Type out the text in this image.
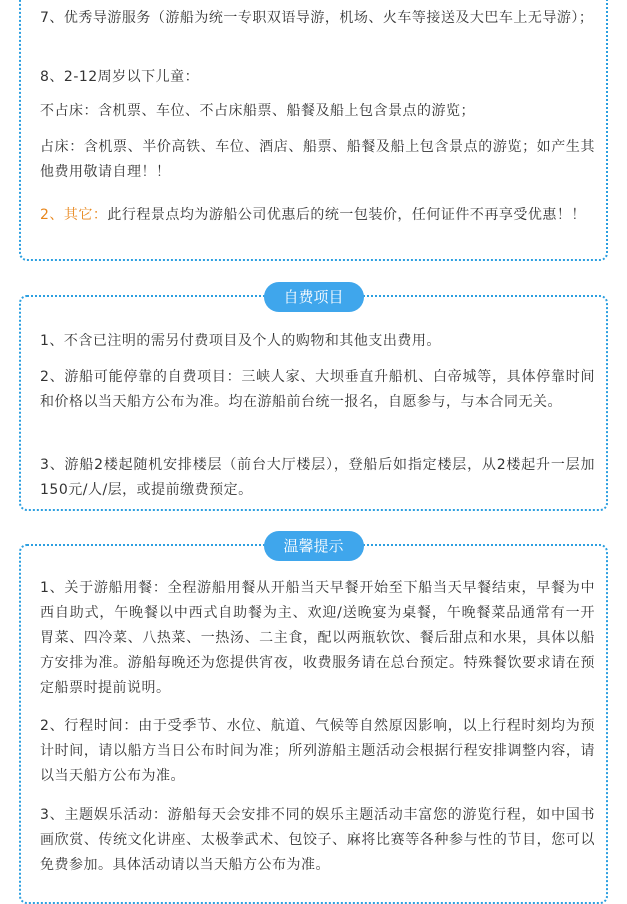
7、优秀导游服务（游船为统一专职双语导游，机场、火车等接送及大巴车上无导游）；

8、2-12周岁以下儿童：

不占床：含机票、车位、不占床船票、船餐及船上包含景点的游览；

占床：含机票、半价高铁、车位、酒店、船票、船餐及船上包含景点的游览；如产生其他费用敬请自理！！

2、其它：此行程景点均为游船公司优惠后的统一包装价，任何证件不再享受优惠！！

自费项目

1、不含已注明的需另付费项目及个人的购物和其他支出费用。

2、游船可能停靠的自费项目：三峡人家、大坝垂直升船机、白帝城等，具体停靠时间和价格以当天船方公布为准。均在游船前台统一报名，自愿参与，与本合同无关。

3、游船2楼起随机安排楼层（前台大厅楼层），登船后如指定楼层，从2楼起升一层加150元/人/层，或提前缴费预定。

温馨提示

1、关于游船用餐：全程游船用餐从开船当天早餐开始至下船当天早餐结束，早餐为中西自助式，午晚餐以中西式自助餐为主、欢迎/送晚宴为桌餐，午晚餐菜品通常有一开胃菜、四冷菜、八热菜、一热汤、二主食，配以两瓶软饮、餐后甜点和水果，具体以船方安排为准。游船每晚还为您提供宵夜，收费服务请在总台预定。特殊餐饮要求请在预定船票时提前说明。

2、行程时间：由于受季节、水位、航道、气候等自然原因影响，以上行程时刻均为预计时间，请以船方当日公布时间为准；所列游船主题活动会根据行程安排调整内容，请以当天船方公布为准。

3、主题娱乐活动：游船每天会安排不同的娱乐主题活动丰富您的游览行程，如中国书画欣赏、传统文化讲座、太极拳武术、包饺子、麻将比赛等各种参与性的节目，您可以免费参加。具体活动请以当天船方公布为准。
